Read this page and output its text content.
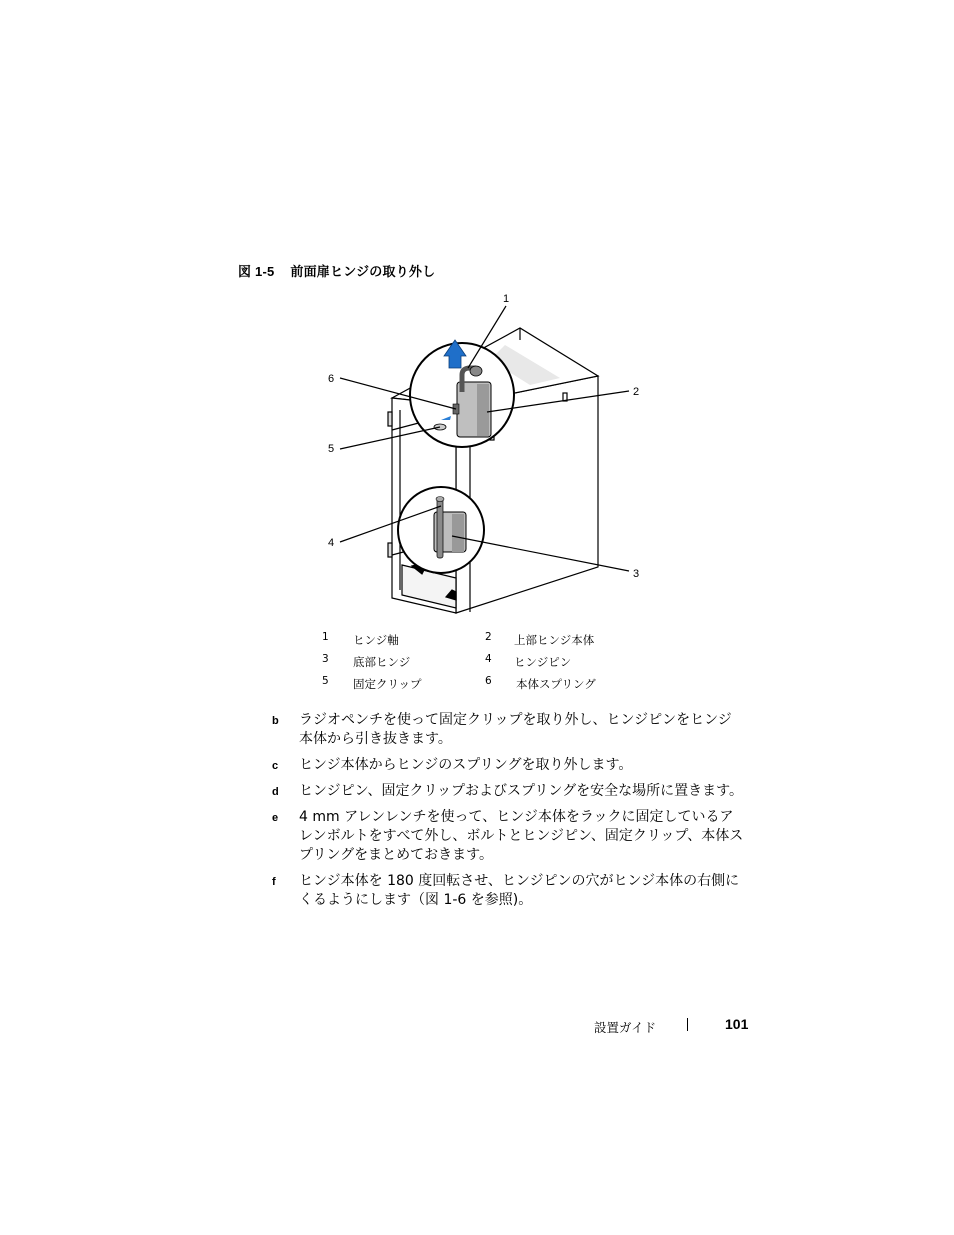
図 1-5 前面扉ヒンジの取り外し
1
2
3
4
5
6
1 ヒンジ軸	2 上部ヒンジ本体
3 底部ヒンジ	4 ヒンジピン
5 固定クリップ	6 本体スプリング
b ラジオペンチを使って固定クリップを取り外し、ヒンジピンをヒンジ本体から引き抜きます。
c ヒンジ本体からヒンジのスプリングを取り外します。
d ヒンジピン、固定クリップおよびスプリングを安全な場所に置きます。
e 4 mm アレンレンチを使って、ヒンジ本体をラックに固定しているアレンボルトをすべて外し、ボルトとヒンジピン、固定クリップ、本体スプリングをまとめておきます。
f ヒンジ本体を 180 度回転させ、ヒンジピンの穴がヒンジ本体の右側にくるようにします（図 1-6 を参照)。
設置ガイド	101
